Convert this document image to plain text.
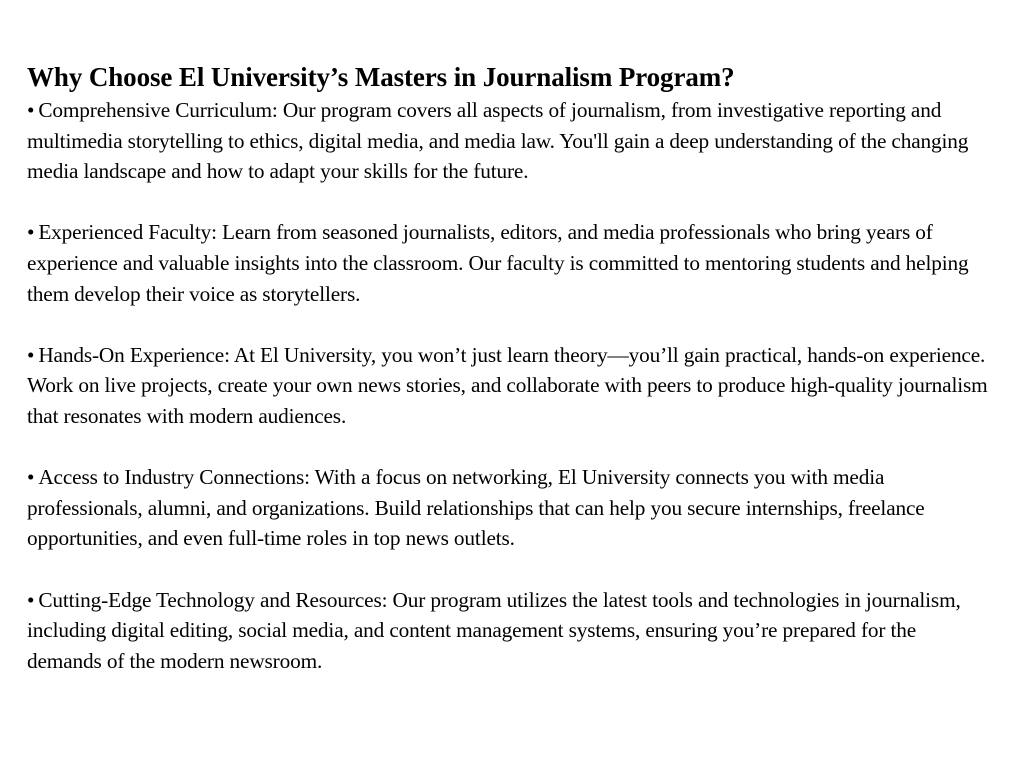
Why Choose El University’s Masters in Journalism Program?
• Comprehensive Curriculum: Our program covers all aspects of journalism, from investigative reporting and multimedia storytelling to ethics, digital media, and media law. You'll gain a deep understanding of the changing media landscape and how to adapt your skills for the future.
• Experienced Faculty: Learn from seasoned journalists, editors, and media professionals who bring years of experience and valuable insights into the classroom. Our faculty is committed to mentoring students and helping them develop their voice as storytellers.
• Hands-On Experience: At El University, you won’t just learn theory—you’ll gain practical, hands-on experience. Work on live projects, create your own news stories, and collaborate with peers to produce high-quality journalism that resonates with modern audiences.
• Access to Industry Connections: With a focus on networking, El University connects you with media professionals, alumni, and organizations. Build relationships that can help you secure internships, freelance opportunities, and even full-time roles in top news outlets.
• Cutting-Edge Technology and Resources: Our program utilizes the latest tools and technologies in journalism, including digital editing, social media, and content management systems, ensuring you’re prepared for the demands of the modern newsroom.
